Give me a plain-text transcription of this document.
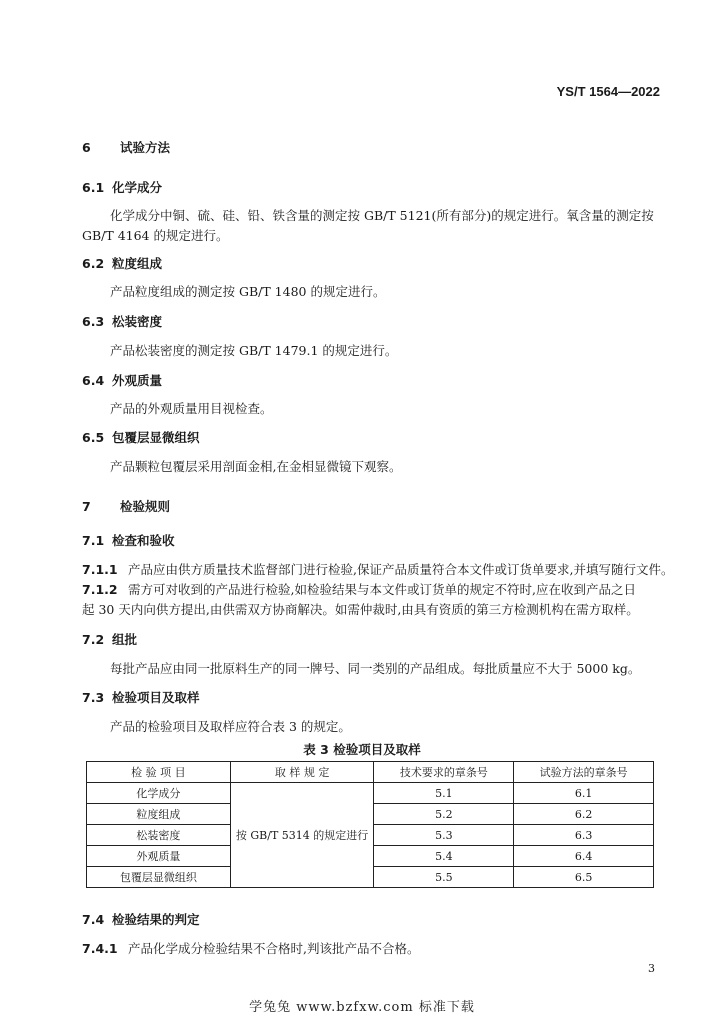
YS/T 1564—2022
6 试验方法
6.1 化学成分
化学成分中铜、硫、硅、铅、铁含量的测定按 GB/T 5121(所有部分)的规定进行。氧含量的测定按
GB/T 4164 的规定进行。
6.2 粒度组成
产品粒度组成的测定按 GB/T 1480 的规定进行。
6.3 松装密度
产品松装密度的测定按 GB/T 1479.1 的规定进行。
6.4 外观质量
产品的外观质量用目视检查。
6.5 包覆层显微组织
产品颗粒包覆层采用剖面金相,在金相显微镜下观察。
7 检验规则
7.1 检查和验收
7.1.1 产品应由供方质量技术监督部门进行检验,保证产品质量符合本文件或订货单要求,并填写随行文件。
7.1.2 需方可对收到的产品进行检验,如检验结果与本文件或订货单的规定不符时,应在收到产品之日
起 30 天内向供方提出,由供需双方协商解决。如需仲裁时,由具有资质的第三方检测机构在需方取样。
7.2 组批
每批产品应由同一批原料生产的同一牌号、同一类别的产品组成。每批质量应不大于 5000 kg。
7.3 检验项目及取样
产品的检验项目及取样应符合表 3 的规定。
表 3 检验项目及取样
检 验 项 目	取 样 规 定	技术要求的章条号	试验方法的章条号
化学成分	按 GB/T 5314 的规定进行	5.1	6.1
粒度组成		5.2	6.2
松装密度		5.3	6.3
外观质量		5.4	6.4
包覆层显微组织		5.5	6.5
7.4 检验结果的判定
7.4.1 产品化学成分检验结果不合格时,判该批产品不合格。
3
学兔兔 www.bzfxw.com 标准下载
